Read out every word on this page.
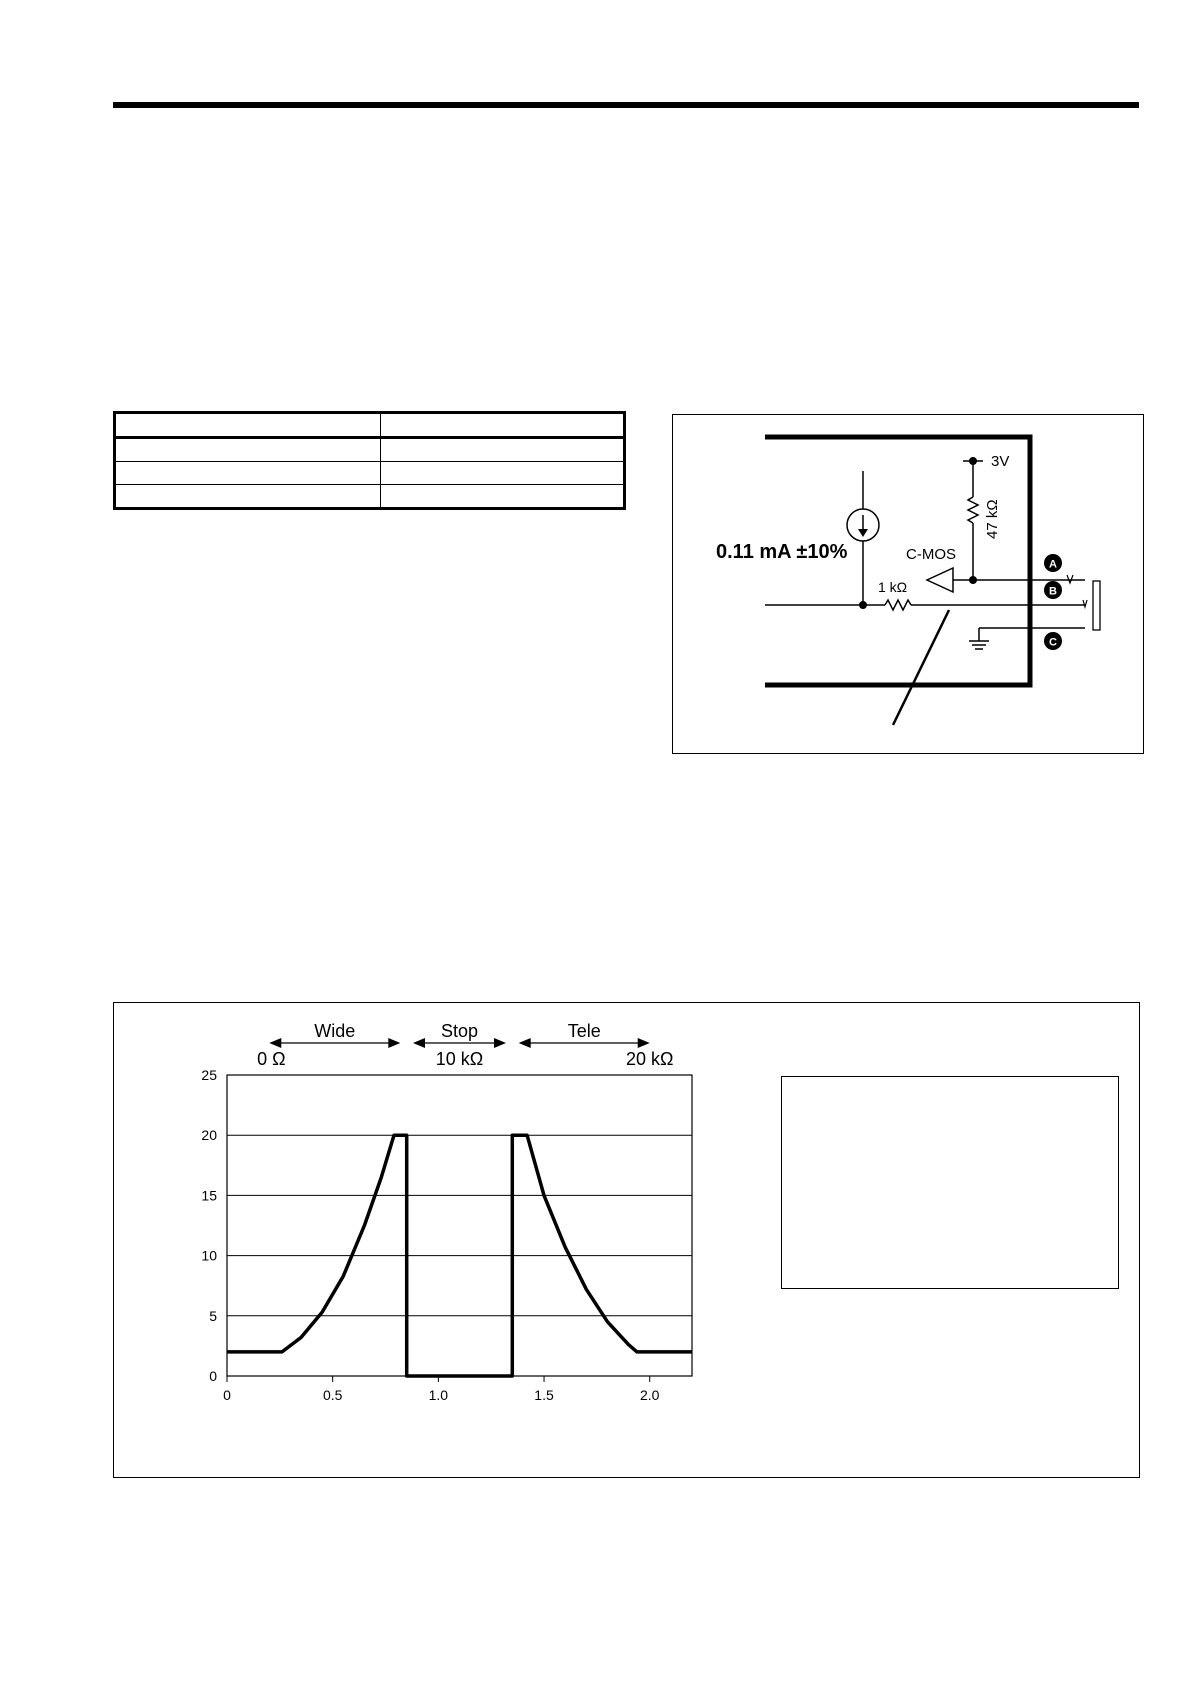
0.11 mA ±10%
1 kΩ
3V
47 kΩ
C-MOS
A
B
C
0
5
10
15
20
25
0	0.5	1.0	1.5	2.0
Wide	Stop	Tele
0 Ω	10 kΩ	20 kΩ
